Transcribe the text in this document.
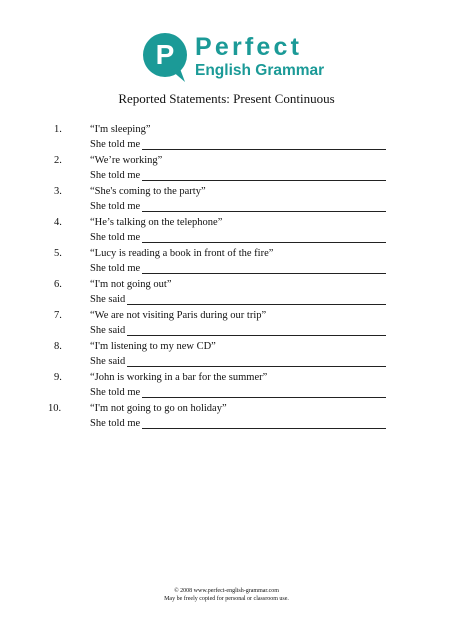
P Perfect
English Grammar
Reported Statements: Present Continuous
1.	“I'm sleeping”
She told me
2.	“We’re working”
She told me
3.	“She's coming to the party”
She told me
4.	“He’s talking on the telephone”
She told me
5.	“Lucy is reading a book in front of the fire”
She told me
6.	“I'm not going out”
She said
7.	“We are not visiting Paris during our trip”
She said
8.	“I'm listening to my new CD”
She said
9.	“John is working in a bar for the summer”
She told me
10.	“I'm not going to go on holiday”
She told me
© 2008 www.perfect-english-grammar.com
May be freely copied for personal or classroom use.
